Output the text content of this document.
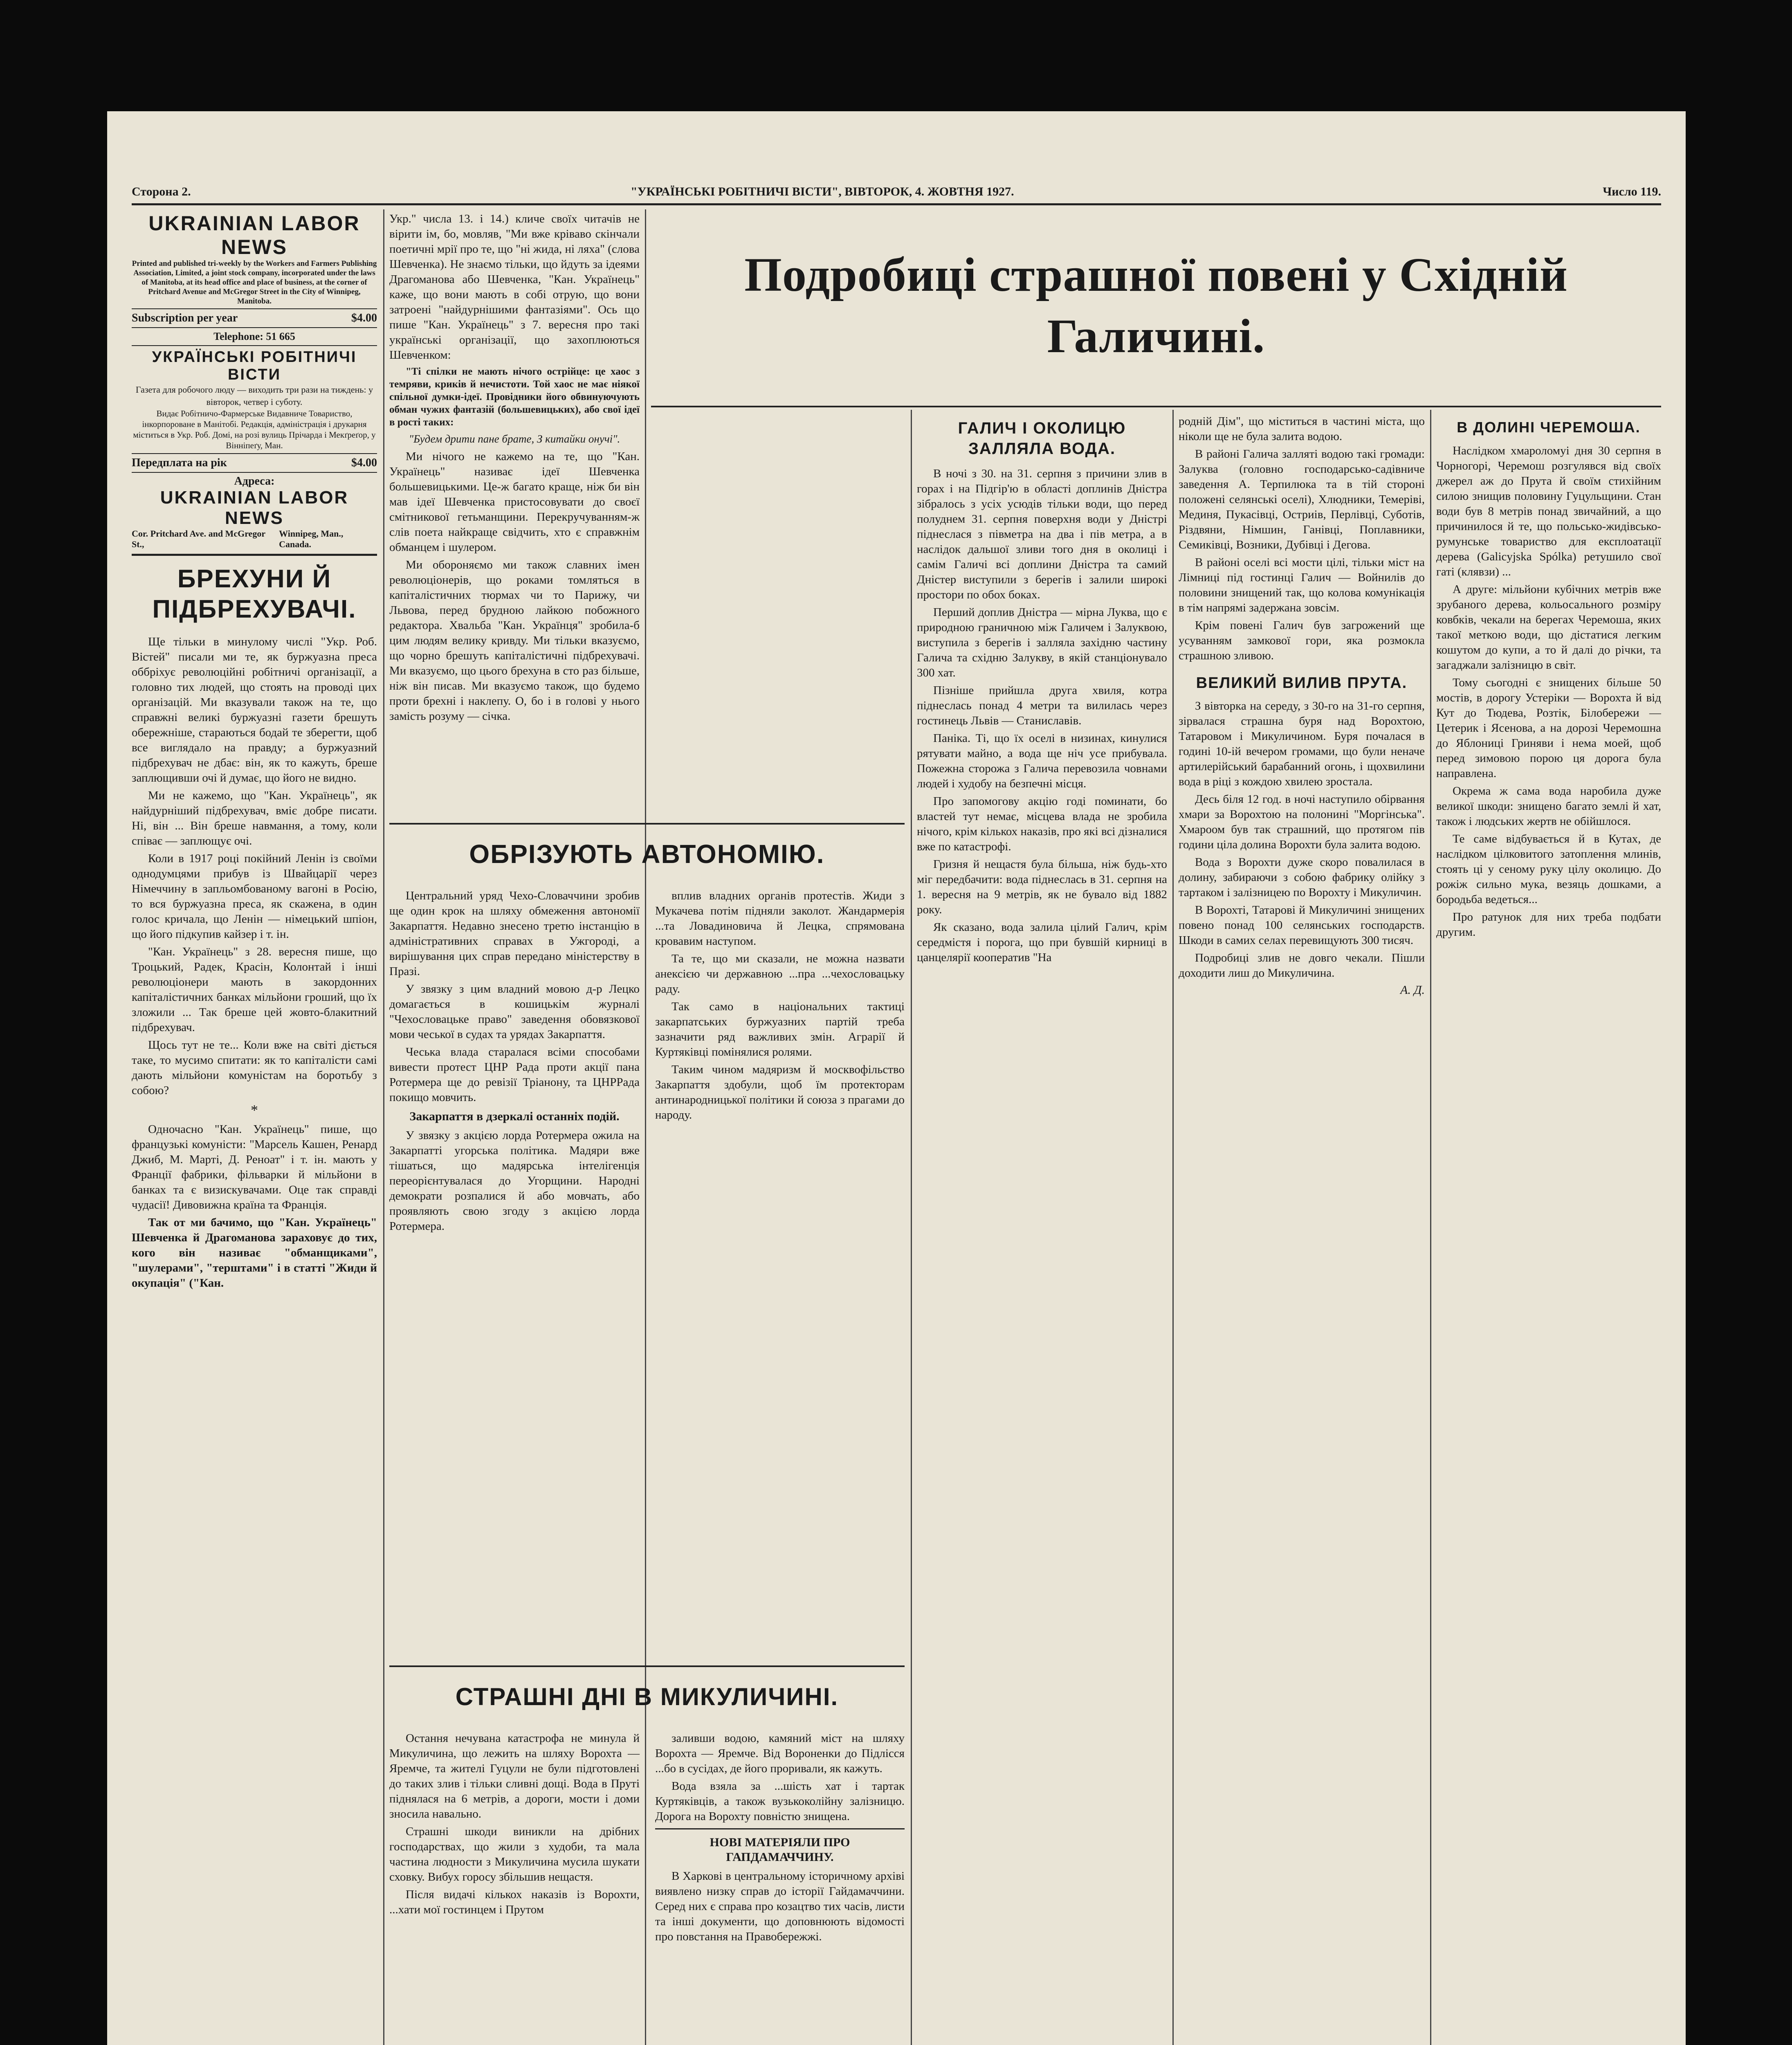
Сторона 2.	"УКРАЇНСЬКІ РОБІТНИЧІ ВІСТИ", ВІВТОРОК, 4. ЖОВТНЯ 1927.	Число 119.
UKRAINIAN LABOR NEWS
Printed and published tri-weekly by the Workers and Farmers Publishing Association, Limited, a joint stock company, incorporated under the laws of Manitoba, at its head office and place of business, at the corner of Pritchard Avenue and McGregor Street in the City of Winnipeg, Manitoba.
Subscription per year	$4.00
Telephone: 51 665
УКРАЇНСЬКІ РОБІТНИЧІ ВІСТИ
Газета для робочого люду — виходить три рази на тиждень: у вівторок, четвер і суботу.
Видає Робітничо-Фармерське Видавниче Товариство, інкорпороване в Манітобі. Редакція, адміністрація і друкарня міститься в Укр. Роб. Домі, на розі вулиць Прічарда і Мекґреґор, у Вінніпеґу, Ман.
Передплата на рік	$4.00
Адреса:
UKRAINIAN LABOR NEWS
Cor. Pritchard Ave. and McGregor St.,
Winnipeg, Man., Canada.
БРЕХУНИ Й ПІДБРЕХУВАЧІ.

Ще тільки в минулому числі "Укр. Роб. Вістей" писали ми те, як буржуазна преса оббріхує революційні робітничі організації, а головно тих людей, що стоять на проводі цих організацій. Ми вказували також на те, що справжні великі буржуазні газети брешуть обережніше, стараються бодай те зберегти, щоб все виглядало на правду; а буржуазний підбрехувач не дбає: він, як то кажуть, бреше заплющивши очі й думає, що його не видно.

Ми не кажемо, що "Кан. Українець", як найдурніший підбрехувач, вміє добре писати. Ні, він ... Він бреше навмання, а тому, коли співає — заплющує очі.

Коли в 1917 році покійний Ленін із своїми однодумцями прибув із Швайцарії через Німеччину в запльомбованому вагоні в Росію, то вся буржуазна преса, як скажена, в один голос кричала, що Ленін — німецький шпіон, що його підкупив кайзер і т. ін.

"Кан. Українець" з 28. вересня пише, що Троцький, Радек, Красін, Колонтай і інші революціонери мають в закордонних капіталістичних банках мільйони гроший, що їх зложили ... Так бреше цей жовто-блакитний підбрехувач.

Щось тут не те... Коли вже на світі діється таке, то мусимо спитати: як то капіталісти самі дають мільйони комуністам на боротьбу з собою?

*

Одночасно "Кан. Українець" пише, що французькі комуністи: "Марсель Кашен, Ренард Джиб, М. Марті, Д. Реноат" і т. ін. мають у Франції фабрики, фільварки й мільйони в банках та є визискувачами. Оце так справді чудасії! Дивовижна країна та Франція.

Так от ми бачимо, що "Кан. Українець" Шевченка й Драгоманова зараховує до тих, кого він називає "обманщиками", "шулерами", "терштами" і в статті "Жиди й окупація" ("Кан.

Укр." числа 13. і 14.) кличе своїх читачів не вірити ім, бо, мовляв, "Ми вже кріваво скінчали поетичні мрії про те, що "ні жида, ні ляха" (слова Шевченка). Не знаємо тільки, що йдуть за ідеями Драгоманова або Шевченка, "Кан. Українець" каже, що вони мають в собі отрую, що вони затроені "найдурнішими фантазіями". Ось що пише "Кан. Українець" з 7. вересня про такі українські організації, що захоплюються Шевченком:

"Ті спілки не мають нічого острійце: це хаос з темряви, криків й нечистоти. Той хаос не має ніякої спільної думки-ідеї. Провідники його обвинуючують обман чужих фантазій (большевицьких), або свої ідеї в рості таких:

"Будем дрити пане брате, З китайки онучі".

Ми нічого не кажемо на те, що "Кан. Українець" називає ідеї Шевченка большевицькими. Це-ж багато краще, ніж би він мав ідеї Шевченка пристосовувати до своєї смітникової гетьманщини. Перекручуванням-ж слів поета найкраще свідчить, хто є справжнім обманцем і шулером.

Ми обороняємо ми також славних імен революціонерів, що роками томляться в капіталістичних тюрмах чи то Парижу, чи Львова, перед брудною лайкою побожного редактора. Хвальба "Кан. Українця" зробила-б цим людям велику кривду. Ми тільки вказуємо, що чорно брешуть капіталістичні підбрехувачі. Ми вказуємо, що цього брехуна в сто раз більше, ніж він писав. Ми вказуємо також, що будемо проти брехні і наклепу. О, бо і в голові у нього замість розуму — січка.

ОБРІЗУЮТЬ АВТОНОМІЮ.

Центральний уряд Чехо-Словаччини зробив ще один крок на шляху обмеження автономії Закарпаття. Недавно знесено третю інстанцію в адміністративних справах в Ужгороді, а вирішування цих справ передано міністерству в Празі.

У звязку з цим владний мовою д-р Лецко домагається в кошицькім журналі "Чехословацьке право" заведення обовязкової мови чеської в судах та урядах Закарпаття.

Чеська влада старалася всіми способами вивести протест ЦНР Рада проти акції пана Ротермера ще до ревізії Тріанону, та ЦНРРада покищо мовчить.

Закарпаття в дзеркалі останніх подій.

У звязку з акцією лорда Ротермера ожила на Закарпатті угорська політика. Мадяри вже тішаться, що мадярська інтелігенція переорієнтувалася до Угорщини. Народні демократи розпалися й або мовчать, або проявляють свою згоду з акцією лорда Ротермера.

вплив владних органів протестів. Жиди з Мукачева потім підняли заколот. Жандармерія ...та Ловадиновича й Лецка, спрямована кровавим наступом.

Та те, що ми сказали, не можна назвати анексією чи державною ...пра ...чехословацьку раду.

Так само в національних тактиці закарпатських буржуазних партій треба зазначити ряд важливих змін. Аграрії й Куртяківці помінялися ролями.

Таким чином мадяризм й москвофільство Закарпаття здобули, щоб їм протекторам антинародницької політики й союза з прагами до народу.

СТРАШНІ ДНІ В МИКУЛИЧИНІ.

Остання нечувана катастрофа не минула й Микуличина, що лежить на шляху Ворохта — Яремче, та жителі Гуцули не були підготовлені до таких злив і тільки сливні дощі. Вода в Пруті піднялася на 6 метрів, а дороги, мости і доми зносила навально.

Страшні шкоди виникли на дрібних господарствах, що жили з худоби, та мала частина людности з Микуличина мусила шукати сховку. Вибух горосу збільшив нещастя.

Після видачі кількох наказів із Ворохти, ...хати мої гостинцем і Прутом

заливши водою, камяний міст на шляху Ворохта — Яремче. Від Вороненки до Підлісся ...бо в сусідах, де його проривали, як кажуть.

Вода взяла за ...шість хат і тартак Куртяківців, а також вузькоколійну залізницю. Дорога на Ворохту повністю знищена.

НОВІ МАТЕРІЯЛИ ПРО ГАПДАМАЧЧИНУ.

В Харкові в центральному історичному архіві виявлено низку справ до історії Гайдамаччини. Серед них є справа про козацтво тих часів, листи та інші документи, що доповнюють відомості про повстання на Правобережжі.

Подробиці страшної повені у Східній Галичині.
ГАЛИЧ І ОКОЛИЦЮ ЗАЛЛЯЛА ВОДА.

В ночі з 30. на 31. серпня з причини злив в горах і на Підгір'ю в області доплинів Дністра зібралось з усіх усюдів тільки води, що перед полуднем 31. серпня поверхня води у Дністрі піднеслася з півметра на два і пів метра, а в наслідок дальшої зливи того дня в околиці і самім Галичі всі доплини Дністра та самий Дністер виступили з берегів і залили широкі простори по обох боках.

Перший доплив Дністра — мірна Луква, що є природною граничною між Галичем і Залуквою, виступила з берегів і залляла західню частину Галича та східню Залукву, в якій станціонувало 300 хат.

Пізніше прийшла друга хвиля, котра піднеслась понад 4 метри та вилилась через гостинець Львів — Станиславів.

Паніка. Ті, що їх оселі в низинах, кинулися рятувати майно, а вода ще ніч усе прибувала. Пожежна сторожа з Галича перевозила човнами людей і худобу на безпечні місця.

Про запомогову акцію годі поминати, бо властей тут немає, місцева влада не зробила нічого, крім кількох наказів, про які всі дізналися вже по катастрофі.

Гризня й нещастя була більша, ніж будь-хто міг передбачити: вода піднеслась в 31. серпня на 1. вересня на 9 метрів, як не бувало від 1882 року.

Як сказано, вода залила цілий Галич, крім середмістя і порога, що при бувшій кирниці в цанцелярії кооператив "На

родній Дім", що міститься в частині міста, що ніколи ще не була залита водою.

В районі Галича залляті водою такі громади: Залуква (головно господарсько-садівниче заведення А. Терпилюка та в тій стороні положені селянські оселі), Хлюдники, Темеріві, Мединя, Пукасівці, Остриів, Перлівці, Суботів, Різдвяни, Німшин, Ганівці, Поплавники, Семиківці, Возники, Дубівці і Дегова.

В районі оселі всі мости цілі, тільки міст на Лімниці під гостинці Галич — Войнилів до половини знищений так, що колова комунікація в тім напрямі задержана зовсім.

Крім повені Галич був загрожений ще усуванням замкової гори, яка розмокла страшною зливою.

ВЕЛИКИЙ ВИЛИВ ПРУТА.

З вівторка на середу, з 30-го на 31-го серпня, зірвалася страшна буря над Ворохтою, Татаровом і Микуличином. Буря почалася в годині 10-ій вечером громами, що були неначе артилерійський барабанний огонь, і щохвилини вода в ріці з кождою хвилею зростала.

Десь біля 12 год. в ночі наступило обірвання хмари за Ворохтою на полонині "Моргінська". Хмароом був так страшний, що протягом пів години ціла долина Ворохти була залита водою.

Вода з Ворохти дуже скоро повалилася в долину, забираючи з собою фабрику олійку з тартаком і залізницею по Ворохту і Микуличин.

В Ворохті, Татарові й Микуличині знищених повено понад 100 селянських господарств. Шкоди в самих селах перевищують 300 тисяч.

Подробиці злив не довго чекали. Пішли доходити лиш до Микуличина.

А. Д.
В ДОЛИНІ ЧЕРЕМОША.

Наслідком хмароломуі дня 30 серпня в Чорногорі, Черемош розгулявся від своїх джерел аж до Прута й своїм стихійним силою знищив половину Гуцульщини. Стан води був 8 метрів понад звичайний, а що причинилося й те, що польсько-жидівсько-румунське товариство для експлоатації дерева (Galicyjska Spólka) ретушило свої гаті (клявзи) ...

А друге: мільйони кубічних метрів вже зрубаного дерева, кольосального розміру ковбків, чекали на берегах Черемоша, яких такої меткою води, що дістатися легким кошутом до купи, а то й далі до річки, та загаджали залізницю в світ.

Томy сьогодні є знищених більше 50 мостів, в дорогу Устеріки — Ворохта й від Кут до Тюдева, Розтік, Білобережи — Цетерик і Ясенова, а на дорозі Черемошна до Яблониці Гриняви і нема моей, щоб перед зимовою порою ця дорога була направлена.

Окрема ж сама вода наробила дуже великої шкоди: знищено багато землі й хат, також і людських жертв не обійшлося.

Те саме відбувається й в Кутах, де наслідком цілковитого затоплення млинів, стоять ці у сеному руку цілу околицю. До рожіж сильно мука, везяць дошками, а бородьба ведеться...

Про ратунок для них треба подбати другим.
